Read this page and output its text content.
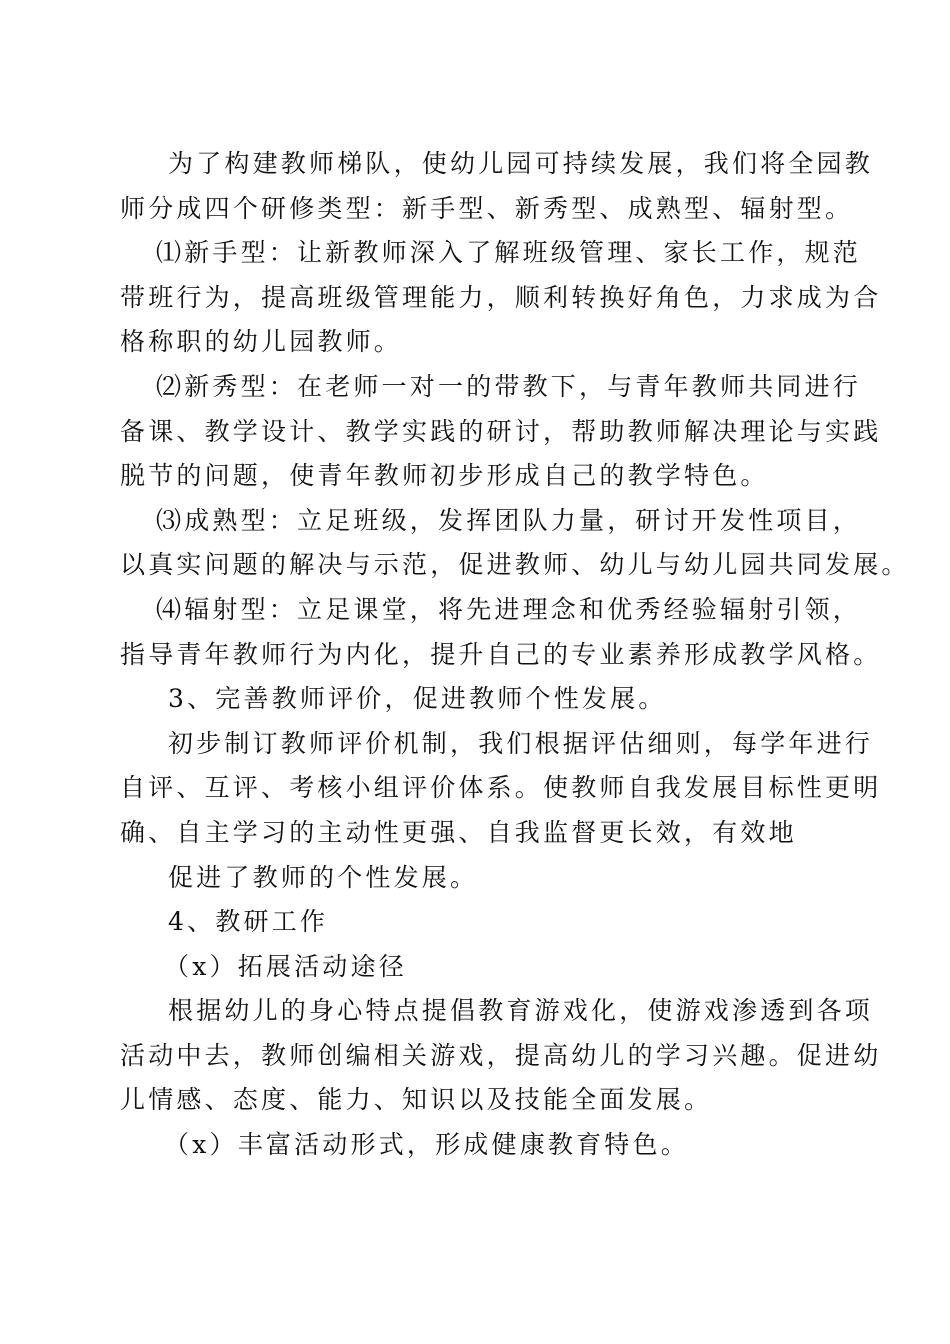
为了构建教师梯队，使幼儿园可持续发展，我们将全园教
师分成四个研修类型：新手型、新秀型、成熟型、辐射型。
⑴新手型：让新教师深入了解班级管理、家长工作，规范
带班行为，提高班级管理能力，顺利转换好角色，力求成为合
格称职的幼儿园教师。
⑵新秀型：在老师一对一的带教下，与青年教师共同进行
备课、教学设计、教学实践的研讨，帮助教师解决理论与实践
脱节的问题，使青年教师初步形成自己的教学特色。
⑶成熟型：立足班级，发挥团队力量，研讨开发性项目，
以真实问题的解决与示范，促进教师、幼儿与幼儿园共同发展。
⑷辐射型：立足课堂，将先进理念和优秀经验辐射引领，
指导青年教师行为内化，提升自己的专业素养形成教学风格。
3、完善教师评价，促进教师个性发展。
初步制订教师评价机制，我们根据评估细则，每学年进行
自评、互评、考核小组评价体系。使教师自我发展目标性更明
确、自主学习的主动性更强、自我监督更长效，有效地
促进了教师的个性发展。
4、教研工作
（x）拓展活动途径
根据幼儿的身心特点提倡教育游戏化，使游戏渗透到各项
活动中去，教师创编相关游戏，提高幼儿的学习兴趣。促进幼
儿情感、态度、能力、知识以及技能全面发展。
（x）丰富活动形式，形成健康教育特色。
